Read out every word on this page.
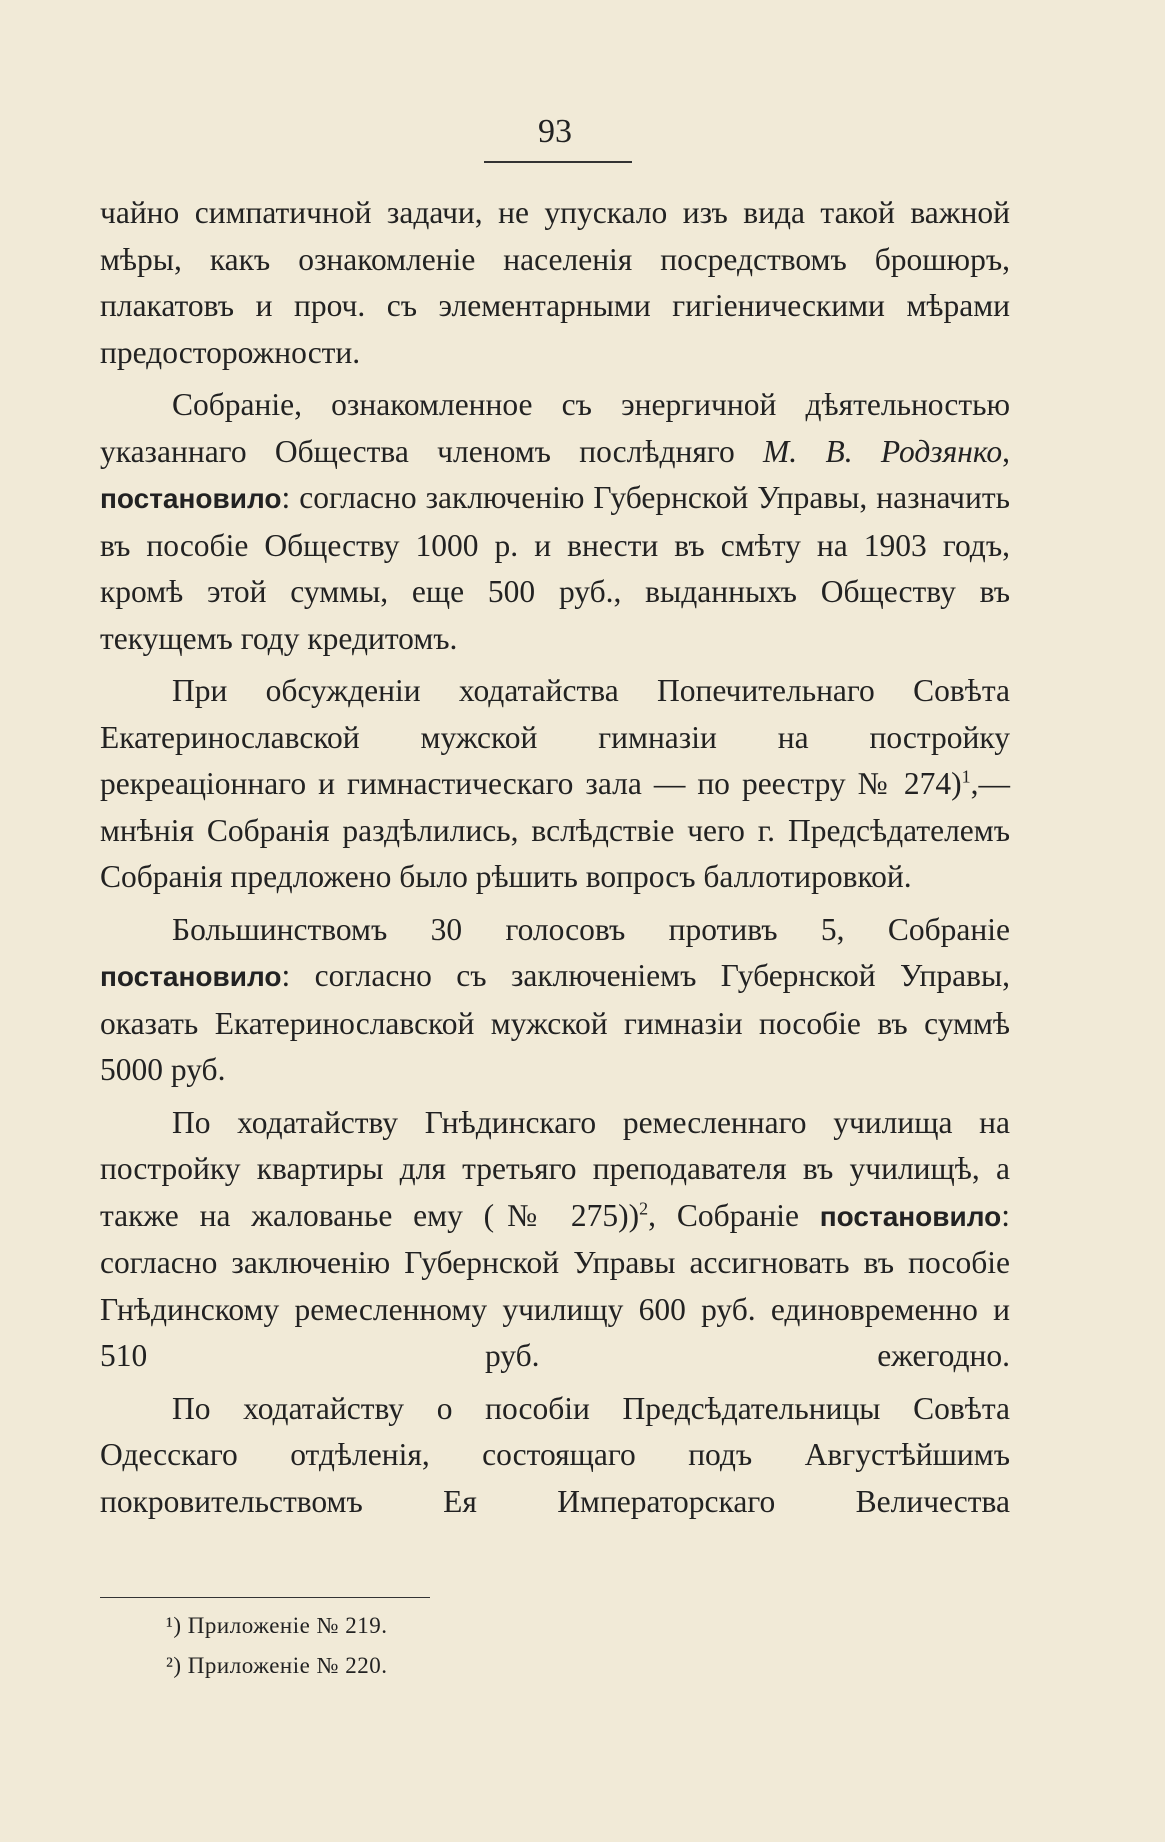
93

чайно симпатичной задачи, не упускало изъ вида такой важной мѣры, какъ ознакомленіе населенія посредствомъ брошюръ, плакатовъ и проч. съ элементарными гигіеническими мѣрами предосторожности.

Собраніе, ознакомленное съ энергичной дѣятельностью указаннаго Общества членомъ послѣдняго М. В. Родзянко, постановило: согласно заключенію Губернской Управы, назначить въ пособіе Обществу 1000 р. и внести въ смѣту на 1903 годъ, кромѣ этой суммы, еще 500 руб., выданныхъ Обществу въ текущемъ году кредитомъ.

При обсужденіи ходатайства Попечительнаго Совѣта Екатеринославской мужской гимназіи на постройку рекреаціоннаго и гимнастическаго зала — по реестру № 274)$^1$,—мнѣнія Собранія раздѣлились, вслѣдствіе чего г. Предсѣдателемъ Собранія предложено было рѣшить вопросъ баллотировкой.

Большинствомъ 30 голосовъ противъ 5, Собраніе постановило: согласно съ заключеніемъ Губернской Управы, оказать Екатеринославской мужской гимназіи пособіе въ суммѣ 5000 руб.

По ходатайству Гнѣдинскаго ремесленнаго училища на постройку квартиры для третьяго преподавателя въ училищѣ, а также на жалованье ему (№ 275))$^2$, Собраніе постановило: согласно заключенію Губернской Управы ассигновать въ пособіе Гнѣдинскому ремесленному училищу 600 руб. единовременно и 510 руб. ежегодно.

По ходатайству о пособіи Предсѣдательницы Совѣта Одесскаго отдѣленія, состоящаго подъ Августѣйшимъ покровительствомъ Ея Императорскаго Величества

¹) Приложеніе № 219.
²) Приложеніе № 220.
